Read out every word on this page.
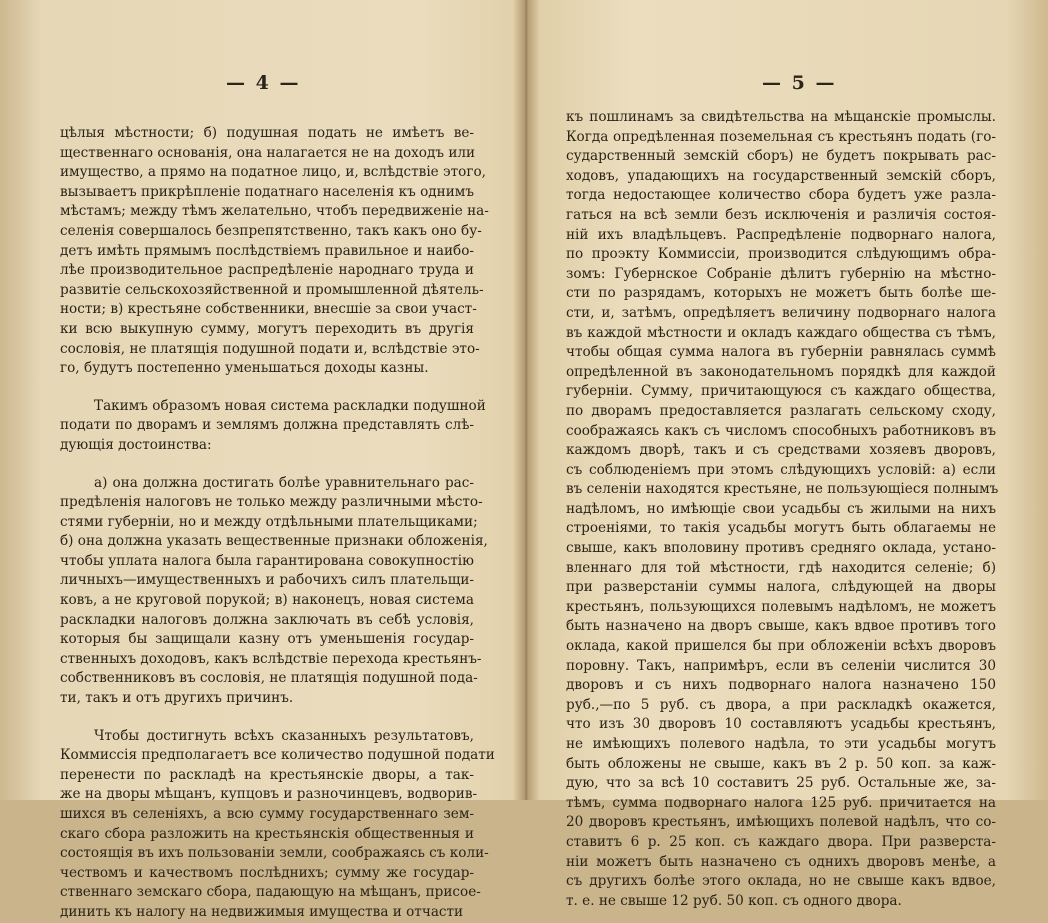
— 4 —
цѣлыя мѣстности; б) подушная подать не имѣетъ ве-
щественнаго основанія, она налагается не на доходъ или
имущество, а прямо на податное лицо, и, вслѣдствіе этого,
вызываетъ прикрѣпленіе податнаго населенія къ однимъ
мѣстамъ; между тѣмъ желательно, чтобъ передвиженіе на-
селенія совершалось безпрепятственно, такъ какъ оно бу-
детъ имѣть прямымъ послѣдствіемъ правильное и наибо-
лѣе производительное распредѣленіе народнаго труда и
развитіе сельскохозяйственной и промышленной дѣятель-
ности; в) крестьяне собственники, внесшіе за свои участ-
ки всю выкупную сумму, могутъ переходить въ другія
сословія, не платящія подушной подати и, вслѣдствіе это-
го, будутъ постепенно уменьшаться доходы казны.
Такимъ образомъ новая система раскладки подушной
подати по дворамъ и землямъ должна представлять слѣ-
дующія достоинства:
а) она должна достигать болѣе уравнительнаго рас-
предѣленія налоговъ не только между различными мѣсто-
стями губерніи, но и между отдѣльными плательщиками;
б) она должна указать вещественные признаки обложенія,
чтобы уплата налога была гарантирована совокупностію
личныхъ—имущественныхъ и рабочихъ силъ плательщи-
ковъ, а не круговой порукой; в) наконецъ, новая система
раскладки налоговъ должна заключать въ себѣ условія,
которыя бы защищали казну отъ уменьшенія государ-
ственныхъ доходовъ, какъ вслѣдствіе перехода крестьянъ-
собственниковъ въ сословія, не платящія подушной пода-
ти, такъ и отъ другихъ причинъ.
Чтобы достигнуть всѣхъ сказанныхъ результатовъ,
Коммиссія предполагаетъ все количество подушной подати
перенести по раскладѣ на крестьянскіе дворы, а так-
же на дворы мѣщанъ, купцовъ и разночинцевъ, водворив-
шихся въ селеніяхъ, а всю сумму государственнаго зем-
скаго сбора разложить на крестьянскія общественныя и
состоящія въ ихъ пользованіи земли, соображаясь съ коли-
чествомъ и качествомъ послѣднихъ; сумму же государ-
ственнаго земскаго сбора, падающую на мѣщанъ, присое-
динить къ налогу на недвижимыя имущества и отчасти
— 5 —
къ пошлинамъ за свидѣтельства на мѣщанскіе промыслы.
Когда опредѣленная поземельная съ крестьянъ подать (го-
сударственный земскій сборъ) не будетъ покрывать рас-
ходовъ, упадающихъ на государственный земскій сборъ,
тогда недостающее количество сбора будетъ уже разла-
гаться на всѣ земли безъ исключенія и различія состоя-
ній ихъ владѣльцевъ. Распредѣленіе подворнаго налога,
по проэкту Коммиссіи, производится слѣдующимъ обра-
зомъ: Губернское Собраніе дѣлитъ губернію на мѣстно-
сти по разрядамъ, которыхъ не можетъ быть болѣе ше-
сти, и, затѣмъ, опредѣляетъ величину подворнаго налога
въ каждой мѣстности и окладъ каждаго общества съ тѣмъ,
чтобы общая сумма налога въ губерніи равнялась суммѣ
опредѣленной въ законодательномъ порядкѣ для каждой
губерніи. Сумму, причитающуюся съ каждаго общества,
по дворамъ предоставляется разлагать сельскому сходу,
соображаясь какъ съ числомъ способныхъ работниковъ въ
каждомъ дворѣ, такъ и съ средствами хозяевъ дворовъ,
съ соблюденіемъ при этомъ слѣдующихъ условій: а) если
въ селеніи находятся крестьяне, не пользующіеся полнымъ
надѣломъ, но имѣющіе свои усадьбы съ жилыми на нихъ
строеніями, то такія усадьбы могутъ быть облагаемы не
свыше, какъ вполовину противъ средняго оклада, устано-
вленнаго для той мѣстности, гдѣ находится селеніе; б)
при разверстаніи суммы налога, слѣдующей на дворы
крестьянъ, пользующихся полевымъ надѣломъ, не можетъ
быть назначено на дворъ свыше, какъ вдвое противъ того
оклада, какой пришелся бы при обложеніи всѣхъ дворовъ
поровну. Такъ, напримѣръ, если въ селеніи числится 30
дворовъ и съ нихъ подворнаго налога назначено 150
руб.,—по 5 руб. съ двора, а при раскладкѣ окажется,
что изъ 30 дворовъ 10 составляютъ усадьбы крестьянъ,
не имѣющихъ полевого надѣла, то эти усадьбы могутъ
быть обложены не свыше, какъ въ 2 р. 50 коп. за каж-
дую, что за всѣ 10 составитъ 25 руб. Остальные же, за-
тѣмъ, сумма подворнаго налога 125 руб. причитается на
20 дворовъ крестьянъ, имѣющихъ полевой надѣлъ, что со-
ставитъ 6 р. 25 коп. съ каждаго двора. При разверста-
ніи можетъ быть назначено съ однихъ дворовъ менѣе, а
съ другихъ болѣе этого оклада, но не свыше какъ вдвое,
т. е. не свыше 12 руб. 50 коп. съ одного двора.
